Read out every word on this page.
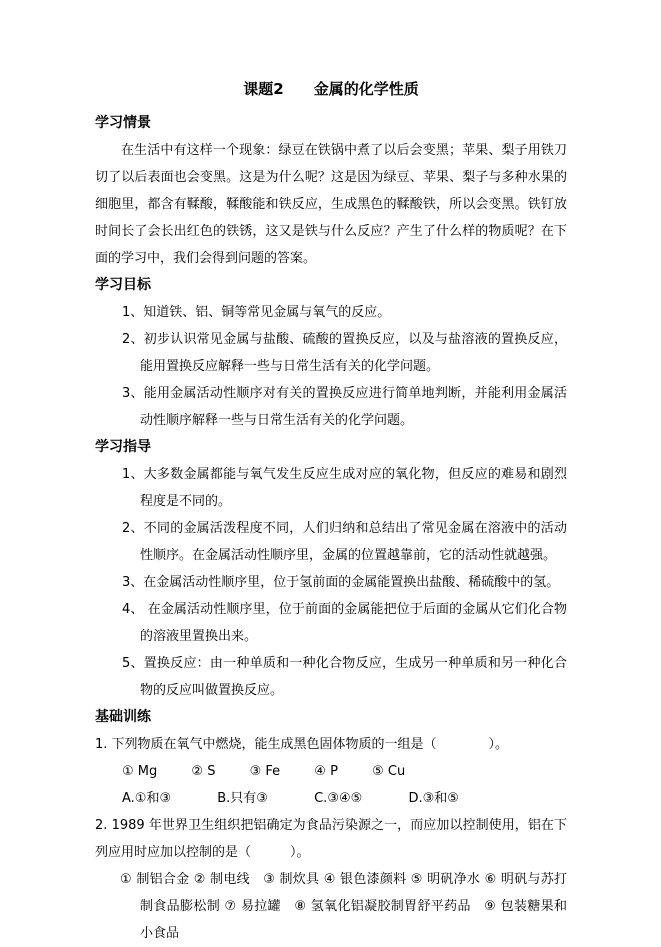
课题2　　金属的化学性质
学习情景

在生活中有这样一个现象：绿豆在铁锅中煮了以后会变黑；苹果、梨子用铁刀切了以后表面也会变黑。这是为什么呢？这是因为绿豆、苹果、梨子与多种水果的细胞里，都含有鞣酸，鞣酸能和铁反应，生成黑色的鞣酸铁，所以会变黑。铁钉放时间长了会长出红色的铁锈，这又是铁与什么反应？产生了什么样的物质呢？在下面的学习中，我们会得到问题的答案。

学习目标

1、知道铁、铝、铜等常见金属与氧气的反应。

2、初步认识常见金属与盐酸、硫酸的置换反应，以及与盐溶液的置换反应，能用置换反应解释一些与日常生活有关的化学问题。

3、能用金属活动性顺序对有关的置换反应进行简单地判断，并能利用金属活动性顺序解释一些与日常生活有关的化学问题。

学习指导

1、大多数金属都能与氧气发生反应生成对应的氧化物，但反应的难易和剧烈程度是不同的。

2、不同的金属活泼程度不同，人们归纳和总结出了常见金属在溶液中的活动性顺序。在金属活动性顺序里，金属的位置越靠前，它的活动性就越强。

3、在金属活动性顺序里，位于氢前面的金属能置换出盐酸、稀硫酸中的氢。

4、 在金属活动性顺序里，位于前面的金属能把位于后面的金属从它们化合物的溶液里置换出来。

5、置换反应：由一种单质和一种化合物反应，生成另一种单质和另一种化合物的反应叫做置换反应。

基础训练

1. 下列物质在氧气中燃烧，能生成黑色固体物质的一组是（　　　　）。

① Mg	② S	③ Fe	④ P	⑤ Cu
A.①和③	B.只有③	C.③④⑤	D.③和⑤

2. 1989 年世界卫生组织把铝确定为食品污染源之一，而应加以控制使用，铝在下列应用时应加以控制的是（　　　）。

① 制铝合金 ② 制电线　③ 制炊具 ④ 银色漆颜料 ⑤ 明矾净水 ⑥ 明矾与苏打制食品膨松制 ⑦ 易拉罐　⑧ 氢氧化铝凝胶制胃舒平药品　⑨ 包装糖果和小食品
